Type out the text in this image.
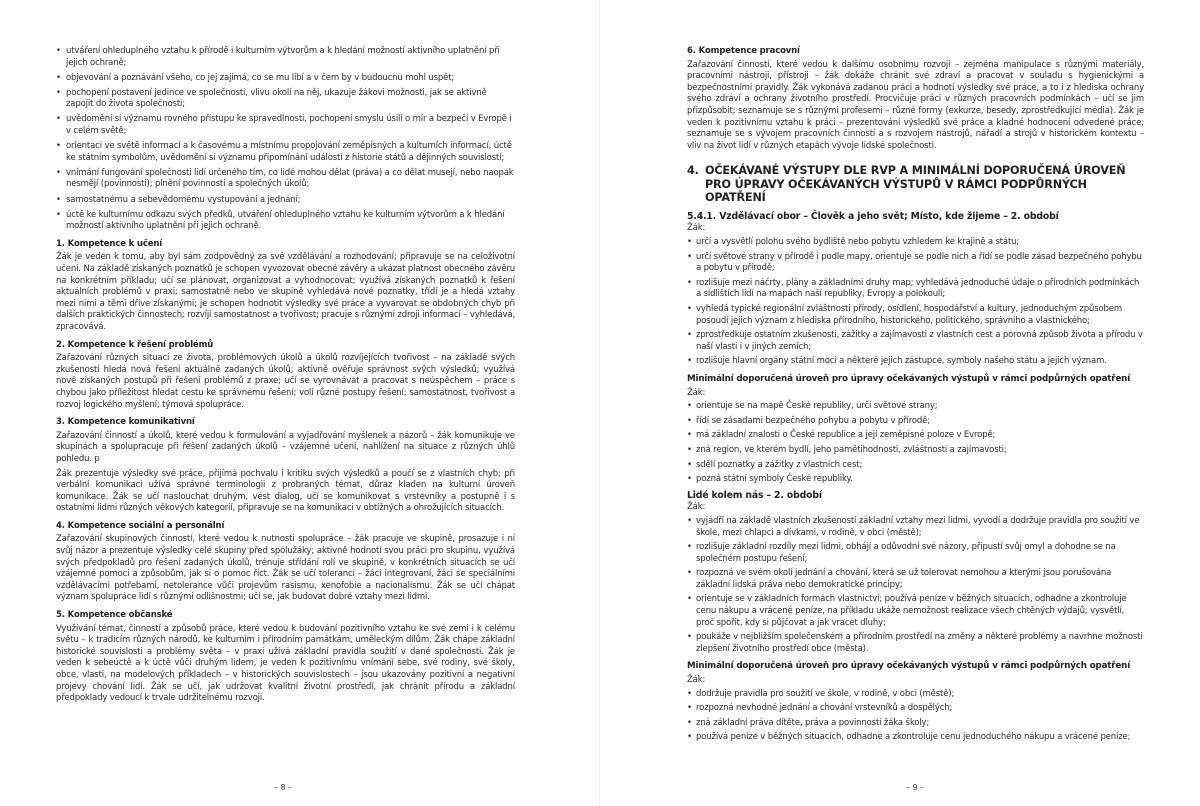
• utváření ohleduplného vztahu k přírodě i kulturním výtvorům a k hledání možností aktivního uplatnění při jejich ochraně;
• objevování a poznávání všeho, co jej zajímá, co se mu líbí a v čem by v budoucnu mohl uspět;
• pochopení postavení jedince ve společnosti, vlivu okolí na něj, ukazuje žákovi možnosti, jak se aktivně zapojit do života společnosti;
• uvědomění si významu rovného přístupu ke spravedlnosti, pochopení smyslu úsilí o mír a bezpečí v Evropě i v celém světě;
• orientaci ve světě informací a k časovému a místnímu propojování zeměpisných a kulturních informací, úctě ke státním symbolům, uvědomění si významu připomínání událostí z historie států a dějinných souvislostí;
• vnímání fungování společnosti lidí určeného tím, co lidé mohou dělat (práva) a co dělat musejí, nebo naopak nesmějí (povinnosti); plnění povinností a společných úkolů;
• samostatnému a sebevědomému vystupování a jednání;
• úctě ke kulturnímu odkazu svých předků, utváření ohleduplného vztahu ke kulturním výtvorům a k hledání možností aktivního uplatnění při jejich ochraně.
1. Kompetence k učení

Žák je veden k tomu, aby byl sám zodpovědný za své vzdělávání a rozhodování; připravuje se na celoživotní učení. Na základě získaných poznatků je schopen vyvozovat obecné závěry a ukázat platnost obecného závěru na konkrétním příkladu; učí se plánovat, organizovat a vyhodnocovat; využívá získaných poznatků k řešení aktuálních problémů v praxi; samostatně nebo ve skupině vyhledává nové poznatky, třídí je a hledá vztahy mezi nimi a těmi dříve získanými; je schopen hodnotit výsledky své práce a vyvarovat se obdobných chyb při dalších praktických činnostech; rozvíjí samostatnost a tvořivost; pracuje s různými zdroji informací – vyhledává, zpracovává.

2. Kompetence k řešení problémů

Zařazování různých situací ze života, problémových úkolů a úkolů rozvíjejících tvořivost – na základě svých zkušeností hledá nová řešení aktuálně zadaných úkolů; aktivně ověřuje správnost svých výsledků; využívá nově získaných postupů při řešení problémů z praxe; učí se vyrovnávat a pracovat s neúspěchem – práce s chybou jako příležitost hledat cestu ke správnému řešení; volí různé postupy řešení; samostatnost, tvořivost a rozvoj logického myšlení; týmová spolupráce.

3. Kompetence komunikativní

Zařazování činností a úkolů, které vedou k formulování a vyjadřování myšlenek a názorů – žák komunikuje ve skupinách a spolupracuje při řešení zadaných úkolů – vzájemné učení, nahlížení na situace z různých úhlů pohledu. p

Žák prezentuje výsledky své práce, přijímá pochvalu i kritiku svých výsledků a poučí se z vlastních chyb; při verbální komunikaci užívá správné terminologii z probraných témat, důraz kladen na kulturní úroveň komunikace. Žák se učí naslouchat druhým, vést dialog, učí se komunikovat s vrstevníky a postupně i s ostatními lidmi různých věkových kategorií, připravuje se na komunikaci v obtížných a ohrožujících situacích.

4. Kompetence sociální a personální

Zařazování skupinových činností, které vedou k nutnosti spolupráce – žák pracuje ve skupině, prosazuje i ní svůj názor a prezentuje výsledky celé skupiny před spolužáky; aktivně hodnotí svou práci pro skupinu, využívá svých předpokladů pro řešení zadaných úkolů, trénuje střídání rolí ve skupině, v konkrétních situacích se učí vzájemné pomoci a způsobům, jak si o pomoc říct. Žák se učí toleranci – žáci integrovaní, žáci se speciálními vzdělávacími potřebami, netolerance vůči projevům rasismu, xenofobie a nacionalismu. Žák se učí chápat význam spolupráce lidí s různými odlišnostmi; učí se, jak budovat dobré vztahy mezi lidmi.

5. Kompetence občanské

Využívání témat, činností a způsobů práce, které vedou k budování pozitivního vztahu ke své zemi i k celému světu – k tradicím různých národů, ke kulturním i přírodním památkám, uměleckým dílům. Žák chápe základní historické souvislosti a problémy světa – v praxi užívá základní pravidla soužití v dané společnosti. Žák je veden k sebeúctě a k úctě vůči druhým lidem, je veden k pozitivnímu vnímání sebe, své rodiny, své školy, obce, vlasti, na modelových příkladech – v historických souvislostech – jsou ukazovány pozitivní a negativní projevy chování lidí. Žák se učí, jak udržovat kvalitní životní prostředí, jak chránit přírodu a základní předpoklady vedoucí k trvale udržitelnému rozvoji.

– 8 –
6. Kompetence pracovní

Zařazování činností, které vedou k dalšímu osobnímu rozvoji – zejména manipulace s různými materiály, pracovními nástroji, přístroji – žák dokáže chránit své zdraví a pracovat v souladu s hygienickými a bezpečnostními pravidly. Žák vykonává zadanou práci a hodnotí výsledky své práce, a to i z hlediska ochrany svého zdraví a ochrany životního prostředí. Procvičuje práci v různých pracovních podmínkách – učí se jim přizpůsobit; seznamuje se s různými profesemi – různé formy (exkurze, besedy, zprostředkující média). Žák je veden k pozitivnímu vztahu k práci – prezentování výsledků své práce a kladné hodnocení odvedené práce; seznamuje se s vývojem pracovních činností a s rozvojem nástrojů, nářadí a strojů v historickém kontextu – vliv na život lidí v různých etapách vývoje lidské společnosti.

4. OČEKÁVANÉ VÝSTUPY DLE RVP A MINIMÁLNÍ DOPORUČENÁ ÚROVEŇ PRO ÚPRAVY OČEKÁVANÝCH VÝSTUPŮ V RÁMCI PODPŮRNÝCH OPATŘENÍ
5.4.1. Vzdělávací obor – Člověk a jeho svět; Místo, kde žijeme – 2. období
Žák:
• určí a vysvětlí polohu svého bydliště nebo pobytu vzhledem ke krajině a státu;
• určí světové strany v přírodě i podle mapy, orientuje se podle nich a řídí se podle zásad bezpečného pohybu a pobytu v přírodě;
• rozlišuje mezi náčrty, plány a základními druhy map; vyhledává jednoduché údaje o přírodních podmínkách a sídlištích lidí na mapách naší republiky, Evropy a polokoulí;
• vyhledá typické regionální zvláštnosti přírody, osídlení, hospodářství a kultury, jednoduchým způsobem posoudí jejich význam z hlediska přírodního, historického, politického, správního a vlastnického;
• zprostředkuje ostatním zkušenosti, zážitky a zajímavosti z vlastních cest a porovná způsob života a přírodu v naší vlasti i v jiných zemích;
• rozlišuje hlavní orgány státní moci a některé jejich zástupce, symboly našeho státu a jejich význam.
Minimální doporučená úroveň pro úpravy očekávaných výstupů v rámci podpůrných opatření
Žák:
• orientuje se na mapě České republiky, určí světové strany;
• řídí se zásadami bezpečného pohybu a pobytu v přírodě;
• má základní znalosti o České republice a její zeměpisné poloze v Evropě;
• zná region, ve kterém bydlí, jeho pamětihodnosti, zvláštnosti a zajímavosti;
• sdělí poznatky a zážitky z vlastních cest;
• pozná státní symboly České republiky.
Lidé kolem nás – 2. období
Žák:
• vyjádří na základě vlastních zkušeností základní vztahy mezi lidmi, vyvodí a dodržuje pravidla pro soužití ve škole, mezi chlapci a dívkami, v rodině, v obci (městě);
• rozlišuje základní rozdíly mezi lidmi, obhájí a odůvodní své názory, připustí svůj omyl a dohodne se na společném postupu řešení;
• rozpozná ve svém okolí jednání a chování, která se už tolerovat nemohou a kterými jsou porušována základní lidská práva nebo demokratické principy;
• orientuje se v základních formách vlastnictví; používá peníze v běžných situacích, odhadne a zkontroluje cenu nákupu a vrácené peníze, na příkladu ukáže nemožnost realizace všech chtěných výdajů; vysvětlí, proč spořit, kdy si půjčovat a jak vracet dluhy;
• poukáže v nejbližším společenském a přírodním prostředí na změny a některé problémy a navrhne možnosti zlepšení životního prostředí obce (města).
Minimální doporučená úroveň pro úpravy očekávaných výstupů v rámci podpůrných opatření
Žák:
• dodržuje pravidla pro soužití ve škole, v rodině, v obci (městě);
• rozpozná nevhodné jednání a chování vrstevníků a dospělých;
• zná základní práva dítěte, práva a povinnosti žáka školy;
• používá peníze v běžných situacích, odhadne a zkontroluje cenu jednoduchého nákupu a vrácené peníze;
– 9 –
